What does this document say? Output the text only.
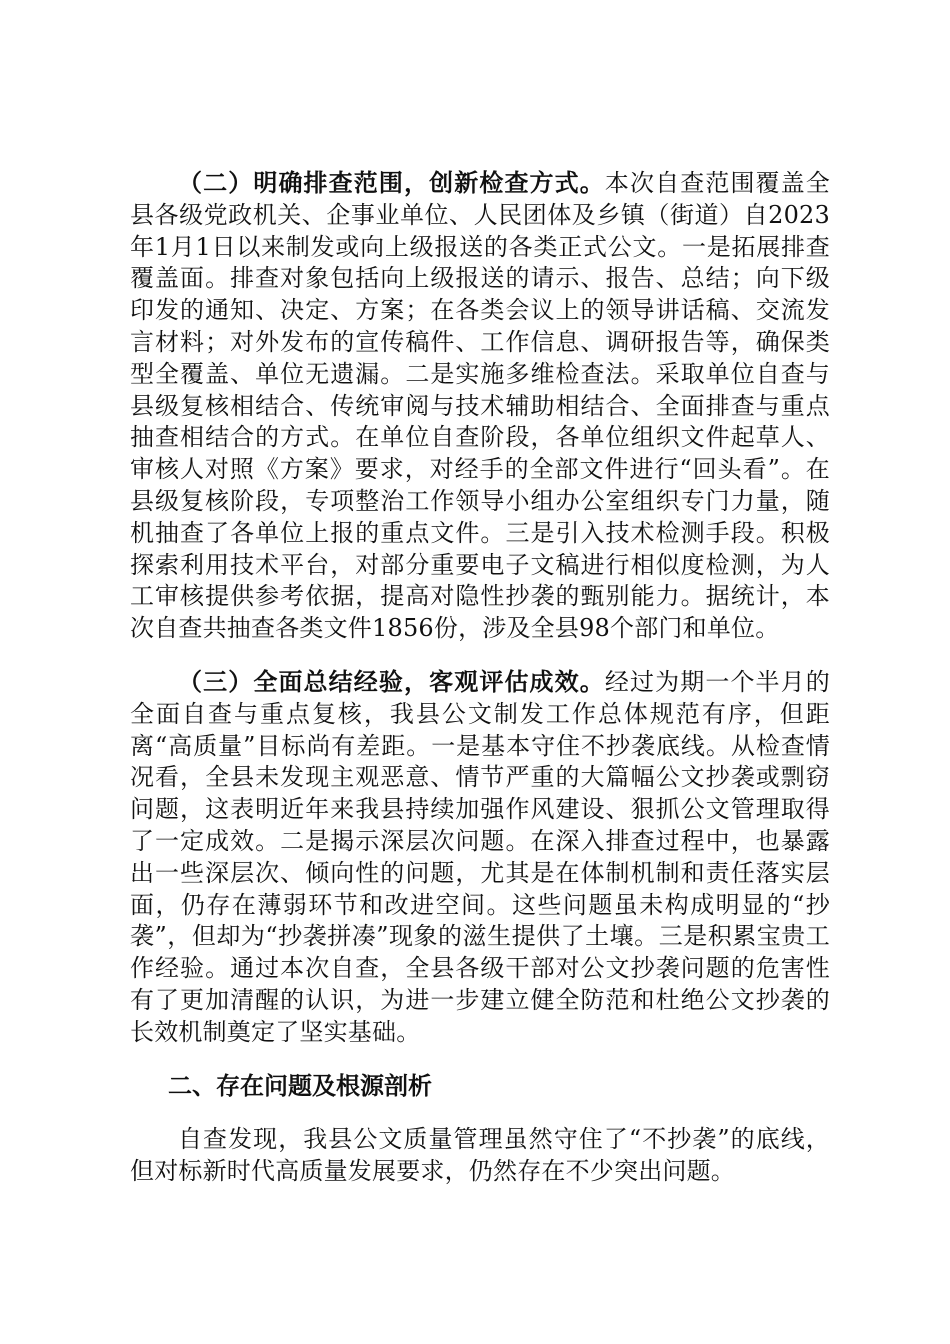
（二）明确排查范围，创新检查方式。本次自查范围覆盖全县各级党政机关、企事业单位、人民团体及乡镇（街道）自2023年1月1日以来制发或向上级报送的各类正式公文。一是拓展排查覆盖面。排查对象包括向上级报送的请示、报告、总结；向下级印发的通知、决定、方案；在各类会议上的领导讲话稿、交流发言材料；对外发布的宣传稿件、工作信息、调研报告等，确保类型全覆盖、单位无遗漏。二是实施多维检查法。采取单位自查与县级复核相结合、传统审阅与技术辅助相结合、全面排查与重点抽查相结合的方式。在单位自查阶段，各单位组织文件起草人、审核人对照《方案》要求，对经手的全部文件进行“回头看”。在县级复核阶段，专项整治工作领导小组办公室组织专门力量，随机抽查了各单位上报的重点文件。三是引入技术检测手段。积极探索利用技术平台，对部分重要电子文稿进行相似度检测，为人工审核提供参考依据，提高对隐性抄袭的甄别能力。据统计，本次自查共抽查各类文件1856份，涉及全县98个部门和单位。

（三）全面总结经验，客观评估成效。经过为期一个半月的全面自查与重点复核，我县公文制发工作总体规范有序，但距离“高质量”目标尚有差距。一是基本守住不抄袭底线。从检查情况看，全县未发现主观恶意、情节严重的大篇幅公文抄袭或剽窃问题，这表明近年来我县持续加强作风建设、狠抓公文管理取得了一定成效。二是揭示深层次问题。在深入排查过程中，也暴露出一些深层次、倾向性的问题，尤其是在体制机制和责任落实层面，仍存在薄弱环节和改进空间。这些问题虽未构成明显的“抄袭”，但却为“抄袭拼凑”现象的滋生提供了土壤。三是积累宝贵工作经验。通过本次自查，全县各级干部对公文抄袭问题的危害性有了更加清醒的认识，为进一步建立健全防范和杜绝公文抄袭的长效机制奠定了坚实基础。

二、存在问题及根源剖析

自查发现，我县公文质量管理虽然守住了“不抄袭”的底线，但对标新时代高质量发展要求，仍然存在不少突出问题。
